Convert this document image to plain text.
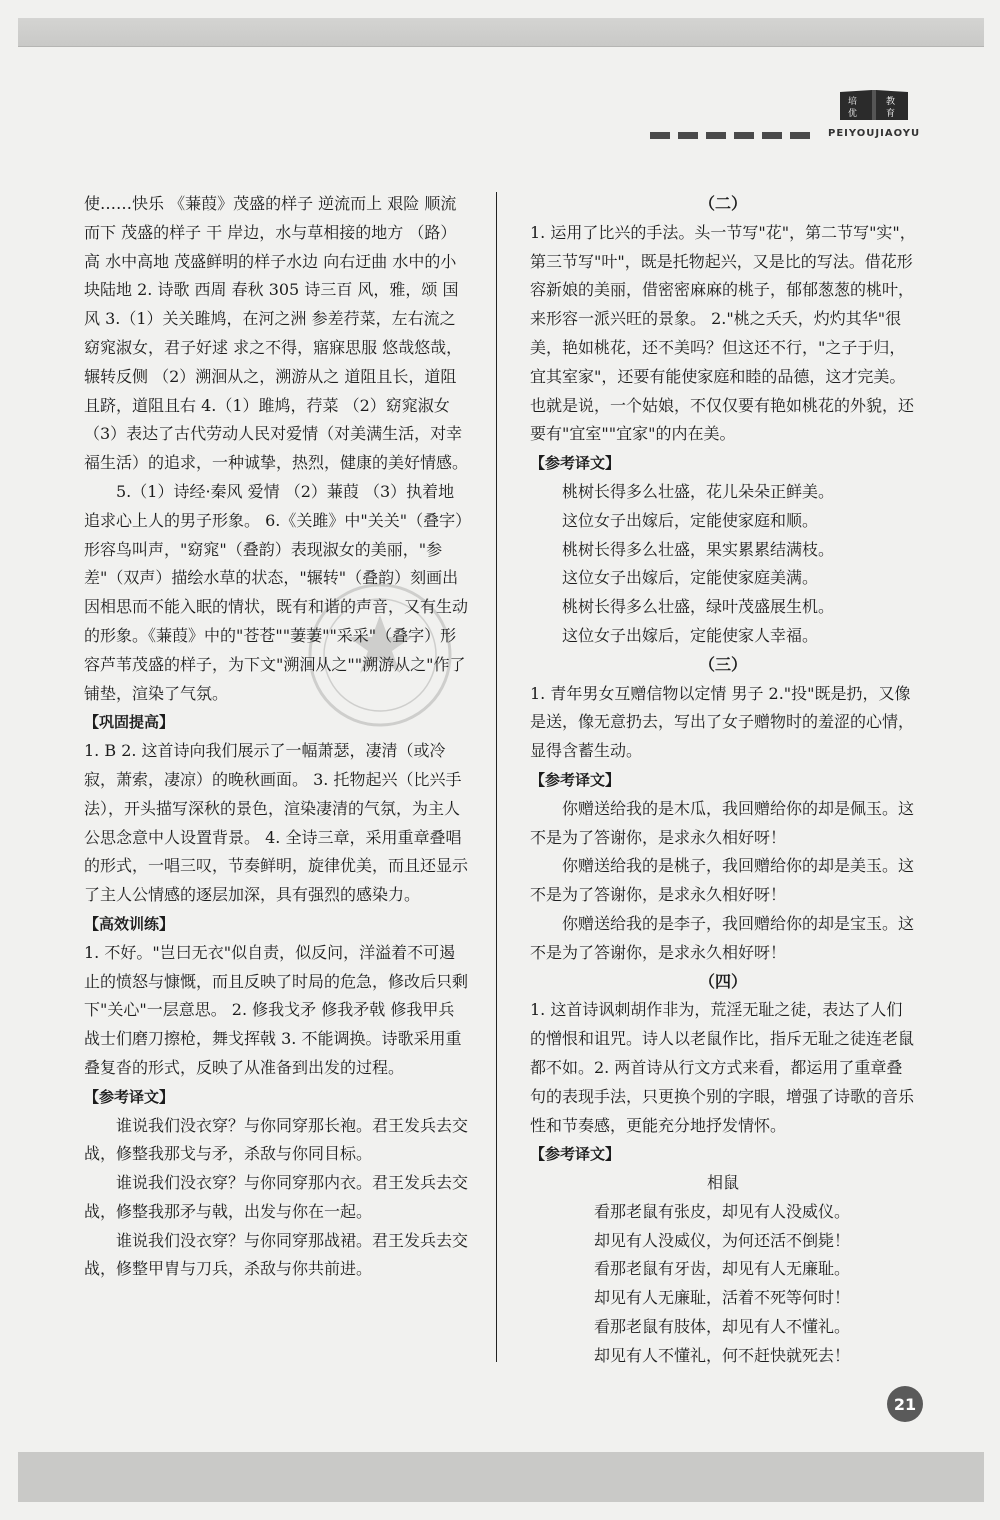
培
优
教
育
PEIYOUJIAOYU

使……快乐 《蒹葭》茂盛的样子 逆流而上 艰险 顺流而下 茂盛的样子 干 岸边，水与草相接的地方 （路）高 水中高地 茂盛鲜明的样子水边 向右迂曲 水中的小块陆地 2. 诗歌 西周 春秋 305 诗三百 风，雅，颂 国风 3.（1）关关雎鸠，在河之洲 参差荇菜，左右流之 窈窕淑女，君子好逑 求之不得，寤寐思服 悠哉悠哉，辗转反侧 （2）溯洄从之，溯游从之 道阻且长，道阻且跻，道阻且右 4.（1）雎鸠，荇菜 （2）窈窕淑女 （3）表达了古代劳动人民对爱情（对美满生活，对幸福生活）的追求，一种诚挚，热烈，健康的美好情感。

5.（1）诗经·秦风 爱情 （2）蒹葭 （3）执着地追求心上人的男子形象。 6.《关雎》中"关关"（叠字）形容鸟叫声，"窈窕"（叠韵）表现淑女的美丽，"参差"（双声）描绘水草的状态，"辗转"（叠韵）刻画出因相思而不能入眠的情状，既有和谐的声音，又有生动的形象。《蒹葭》中的"苍苍""萋萋""采采"（叠字）形容芦苇茂盛的样子，为下文"溯洄从之""溯游从之"作了铺垫，渲染了气氛。

【巩固提高】

1. B 2. 这首诗向我们展示了一幅萧瑟，凄清（或冷寂，萧索，凄凉）的晚秋画面。 3. 托物起兴（比兴手法），开头描写深秋的景色，渲染凄清的气氛，为主人公思念意中人设置背景。 4. 全诗三章，采用重章叠唱的形式，一唱三叹，节奏鲜明，旋律优美，而且还显示了主人公情感的逐层加深，具有强烈的感染力。

【高效训练】

1. 不好。"岂曰无衣"似自责，似反问，洋溢着不可遏止的愤怒与慷慨，而且反映了时局的危急，修改后只剩下"关心"一层意思。 2. 修我戈矛 修我矛戟 修我甲兵 战士们磨刀擦枪，舞戈挥戟 3. 不能调换。诗歌采用重叠复沓的形式，反映了从准备到出发的过程。

【参考译文】

谁说我们没衣穿？与你同穿那长袍。君王发兵去交战，修整我那戈与矛，杀敌与你同目标。

谁说我们没衣穿？与你同穿那内衣。君王发兵去交战，修整我那矛与戟，出发与你在一起。

谁说我们没衣穿？与你同穿那战裙。君王发兵去交战，修整甲胄与刀兵，杀敌与你共前进。

（二）

1. 运用了比兴的手法。头一节写"花"，第二节写"实"，第三节写"叶"，既是托物起兴，又是比的写法。借花形容新娘的美丽，借密密麻麻的桃子，郁郁葱葱的桃叶，来形容一派兴旺的景象。 2."桃之夭夭，灼灼其华"很美，艳如桃花，还不美吗？但这还不行，"之子于归，宜其室家"，还要有能使家庭和睦的品德，这才完美。也就是说，一个姑娘，不仅仅要有艳如桃花的外貌，还要有"宜室""宜家"的内在美。

【参考译文】

桃树长得多么壮盛，花儿朵朵正鲜美。

这位女子出嫁后，定能使家庭和顺。

桃树长得多么壮盛，果实累累结满枝。

这位女子出嫁后，定能使家庭美满。

桃树长得多么壮盛，绿叶茂盛展生机。

这位女子出嫁后，定能使家人幸福。

（三）

1. 青年男女互赠信物以定情 男子 2."投"既是扔，又像是送，像无意扔去，写出了女子赠物时的羞涩的心情，显得含蓄生动。

【参考译文】

你赠送给我的是木瓜，我回赠给你的却是佩玉。这不是为了答谢你，是求永久相好呀！

你赠送给我的是桃子，我回赠给你的却是美玉。这不是为了答谢你，是求永久相好呀！

你赠送给我的是李子，我回赠给你的却是宝玉。这不是为了答谢你，是求永久相好呀！

（四）

1. 这首诗讽刺胡作非为，荒淫无耻之徒，表达了人们的憎恨和诅咒。诗人以老鼠作比，指斥无耻之徒连老鼠都不如。2. 两首诗从行文方式来看，都运用了重章叠句的表现手法，只更换个别的字眼，增强了诗歌的音乐性和节奏感，更能充分地抒发情怀。

【参考译文】

相鼠

看那老鼠有张皮，却见有人没威仪。

却见有人没威仪，为何还活不倒毙！

看那老鼠有牙齿，却见有人无廉耻。

却见有人无廉耻，活着不死等何时！

看那老鼠有肢体，却见有人不懂礼。

却见有人不懂礼，何不赶快就死去！

21
